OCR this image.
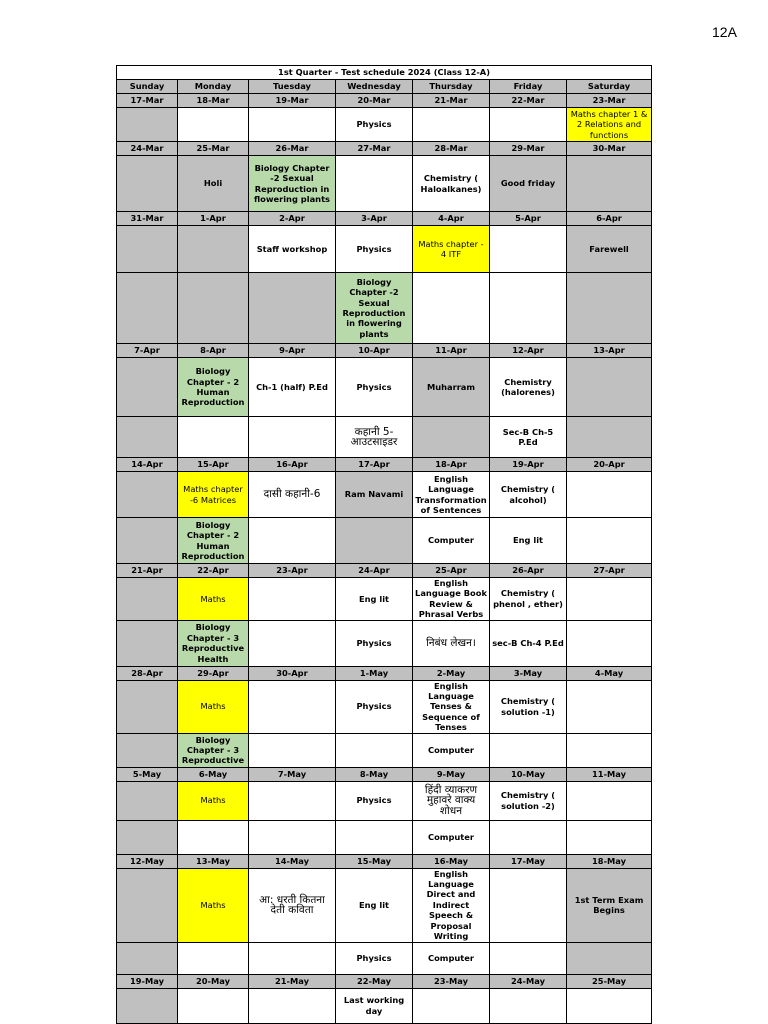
12A
1st Quarter - Test schedule 2024 (Class 12-A)						
Sunday	Monday	Tuesday	Wednesday	Thursday	Friday	Saturday
17-Mar	18-Mar	19-Mar	20-Mar	21-Mar	22-Mar	23-Mar
			Physics			Maths chapter 1 & 2 Relations and functions
24-Mar	25-Mar	26-Mar	27-Mar	28-Mar	29-Mar	30-Mar
	Holi	Biology Chapter -2 Sexual Reproduction in flowering plants		Chemistry ( Haloalkanes)	Good friday	
31-Mar	1-Apr	2-Apr	3-Apr	4-Apr	5-Apr	6-Apr
		Staff workshop	Physics	Maths chapter - 4 ITF		Farewell
			Biology Chapter -2 Sexual Reproduction in flowering plants			
7-Apr	8-Apr	9-Apr	10-Apr	11-Apr	12-Apr	13-Apr
	Biology Chapter - 2 Human Reproduction	Ch-1 (half) P.Ed	Physics	Muharram	Chemistry (halorenes)	
			कहानी 5-आउटसाइडर		Sec-B Ch-5 P.Ed	
14-Apr	15-Apr	16-Apr	17-Apr	18-Apr	19-Apr	20-Apr
	Maths chapter -6 Matrices	दासी कहानी-6	Ram Navami	English Language Transformation of Sentences	Chemistry ( alcohol)	
	Biology Chapter - 2 Human Reproduction			Computer	Eng lit	
21-Apr	22-Apr	23-Apr	24-Apr	25-Apr	26-Apr	27-Apr
	Maths		Eng lit	English Language Book Review & Phrasal Verbs	Chemistry ( phenol , ether)	
	Biology Chapter - 3 Reproductive Health		Physics	निबंध लेखन।	sec-B Ch-4 P.Ed	
28-Apr	29-Apr	30-Apr	1-May	2-May	3-May	4-May
	Maths		Physics	English Language Tenses & Sequence of Tenses	Chemistry ( solution -1)	
	Biology Chapter - 3 Reproductive			Computer		
5-May	6-May	7-May	8-May	9-May	10-May	11-May
	Maths		Physics	हिंदी व्याकरण मुहावरे वाक्य शोधन	Chemistry ( solution -2)	
				Computer		
12-May	13-May	14-May	15-May	16-May	17-May	18-May
	Maths	आ: धरती कितना देती कविता	Eng lit	English Language Direct and Indirect Speech & Proposal Writing		1st Term Exam Begins
			Physics	Computer		
19-May	20-May	21-May	22-May	23-May	24-May	25-May
			Last working day			
